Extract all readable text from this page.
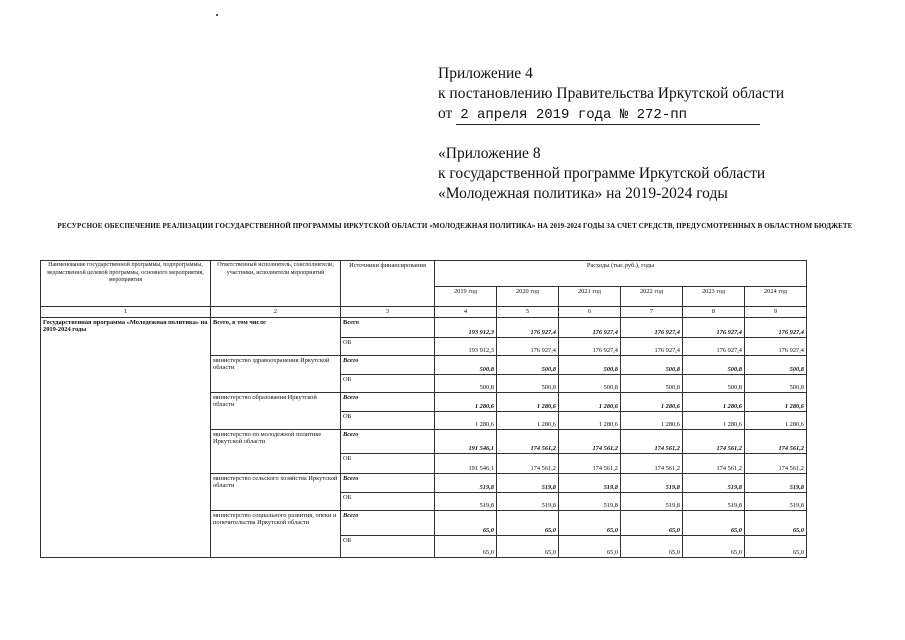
Приложение 4
к постановлению Правительства Иркутской области
от 2 апреля 2019 года № 272-пп
«Приложение 8
к государственной программе Иркутской области
«Молодежная политика» на 2019-2024 годы
РЕСУРСНОЕ ОБЕСПЕЧЕНИЕ РЕАЛИЗАЦИИ ГОСУДАРСТВЕННОЙ ПРОГРАММЫ ИРКУТСКОЙ ОБЛАСТИ «МОЛОДЕЖНАЯ ПОЛИТИКА» НА 2019-2024 ГОДЫ ЗА СЧЕТ СРЕДСТВ, ПРЕДУСМОТРЕННЫХ В ОБЛАСТНОМ БЮДЖЕТЕ
Наименование государственной программы, подпрограммы, ведомственной целевой программы, основного мероприятия, мероприятия	Ответственный исполнитель, соисполнители, участники, исполнители мероприятий	Источники финансирования	Расходы (тыс.руб.), годы					
			2019 год	2020 год	2021 год	2022 год	2023 год	2024 год
1	2	3	4	5	6	7	8	9
Государственная программа «Молодежная политика» на 2019-2024 годы	Всего, в том числе	Всего	193 912,3	176 927,4	176 927,4	176 927,4	176 927,4	176 927,4
		ОБ	193 912,3	176 927,4	176 927,4	176 927,4	176 927,4	176 927,4
	министерство здравоохранения Иркутской области	Всего	500,8	500,8	500,8	500,8	500,8	500,8
		ОБ	500,8	500,8	500,8	500,8	500,8	500,8
	министерство образования Иркутской области	Всего	1 280,6	1 280,6	1 280,6	1 280,6	1 280,6	1 280,6
		ОБ	1 280,6	1 280,6	1 280,6	1 280,6	1 280,6	1 280,6
	министерство по молодежной политике Иркутской области	Всего	191 546,1	174 561,2	174 561,2	174 561,2	174 561,2	174 561,2
		ОБ	191 546,1	174 561,2	174 561,2	174 561,2	174 561,2	174 561,2
	министерство сельского хозяйства Иркутской области	Всего	519,8	519,8	519,8	519,8	519,8	519,8
		ОБ	519,8	519,8	519,8	519,8	519,8	519,8
	министерство социального развития, опеки и попечительства Иркутской области	Всего	65,0	65,0	65,0	65,0	65,0	65,0
		ОБ	65,0	65,0	65,0	65,0	65,0	65,0
